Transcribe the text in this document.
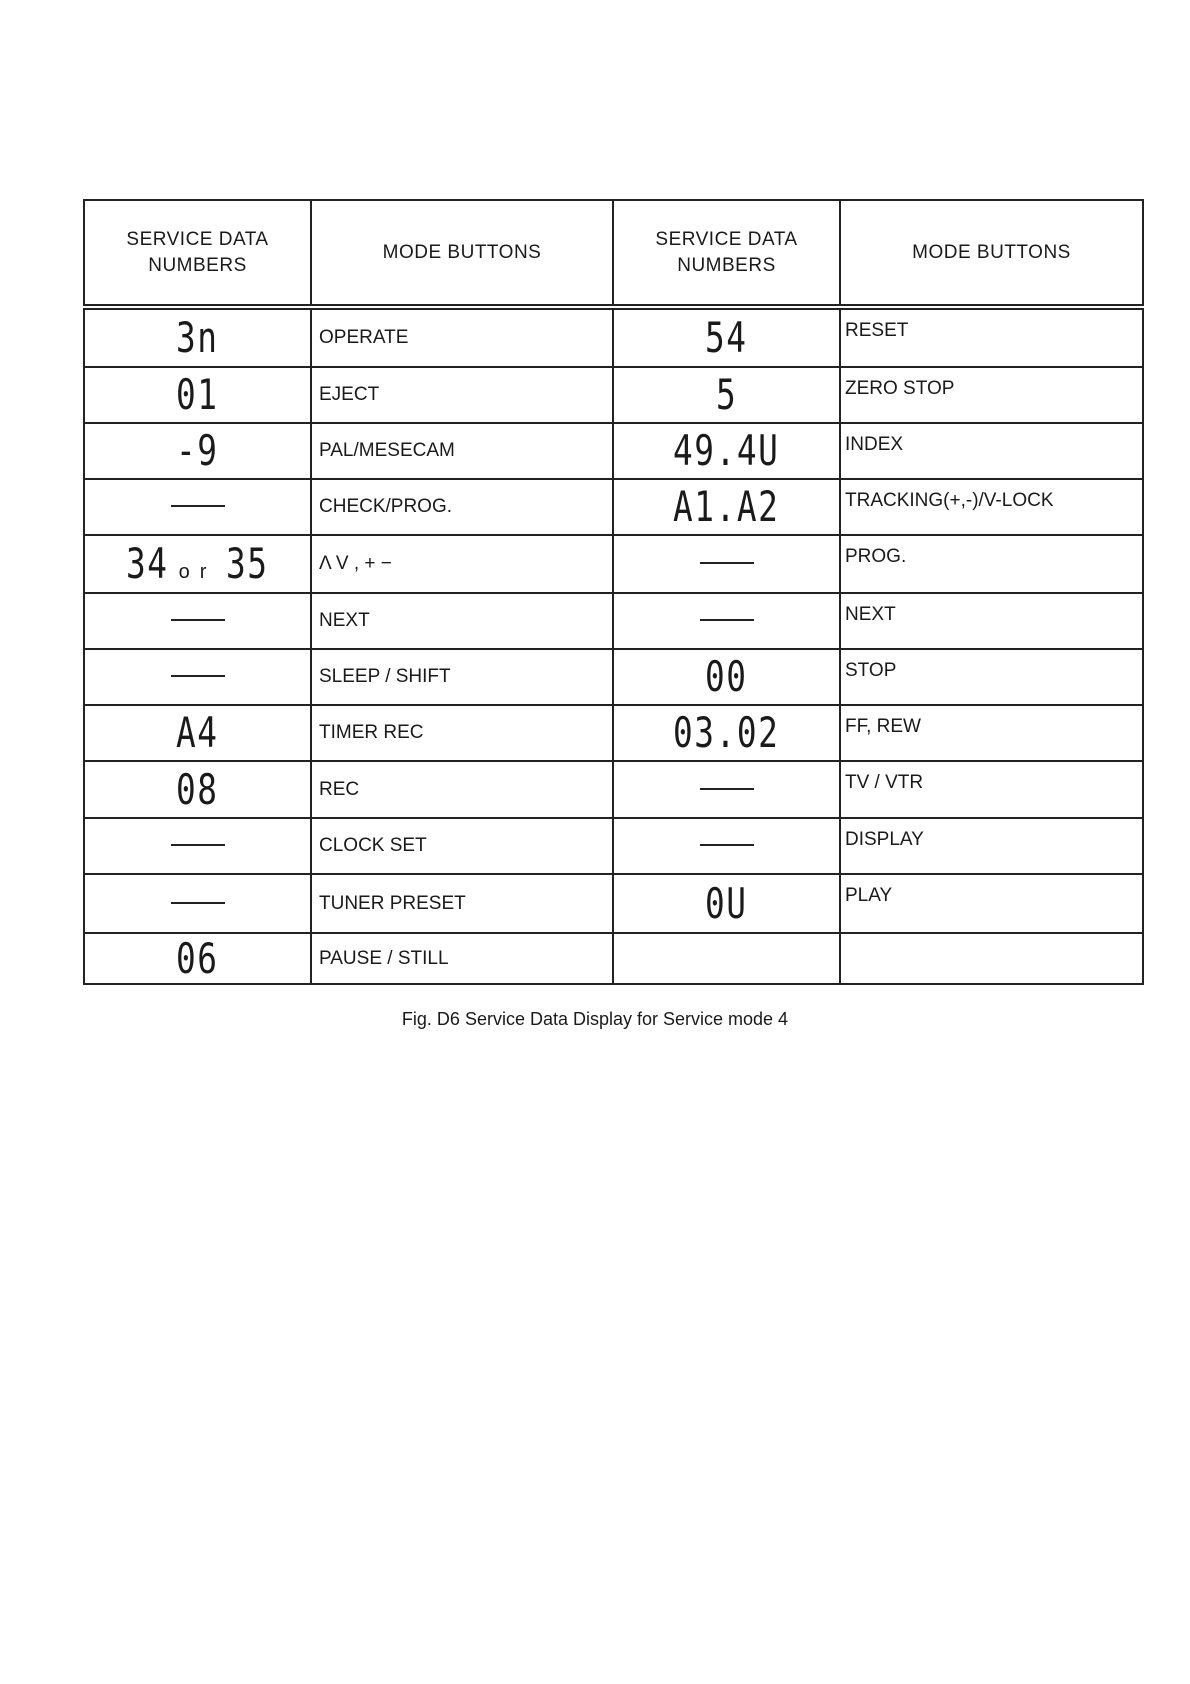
SERVICE DATA NUMBERS	MODE BUTTONS	SERVICE DATA NUMBERS	MODE BUTTONS
3n	OPERATE	54	RESET
01	EJECT	5	ZERO STOP
-9	PAL/MESECAM	49.4U	INDEX
	CHECK/PROG.	A1.A2	TRACKING(+,-)/V-LOCK
34 or 35	Λ V , + −		PROG.
	NEXT		NEXT
	SLEEP / SHIFT	00	STOP
A4	TIMER REC	03.02	FF, REW
08	REC		TV / VTR
	CLOCK SET		DISPLAY
	TUNER PRESET	0U	PLAY
06	PAUSE / STILL		
Fig. D6 Service Data Display for Service mode 4
